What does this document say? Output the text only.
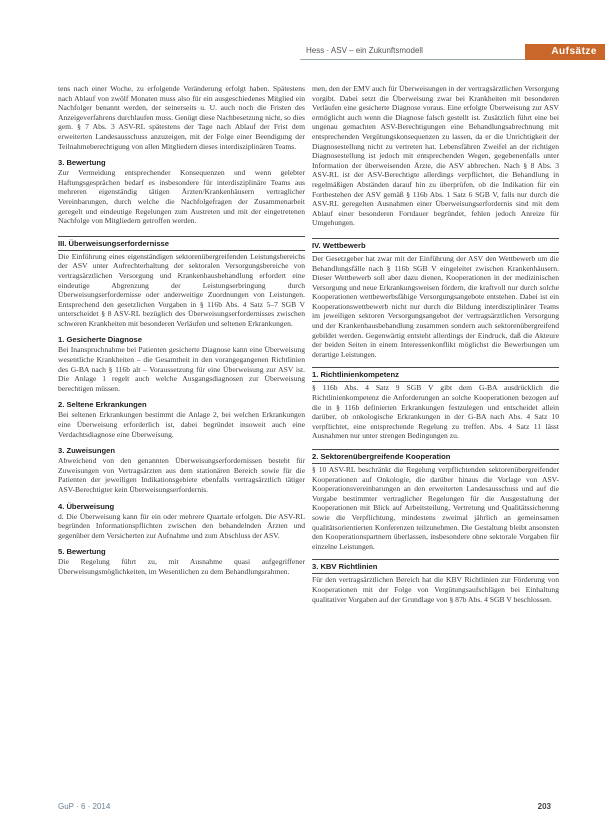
Hess · ASV – ein Zukunftsmodell	Aufsätze

tens nach einer Woche, zu erfolgende Veränderung erfolgt haben. Spätestens nach Ablauf von zwölf Monaten muss also für ein ausgeschiedenes Mitglied ein Nachfolger benannt werden, der seinerseits u. U. auch noch die Fristen des Anzeigeverfahrens durchlaufen muss. Genügt diese Nachbesetzung nicht, so dies gem. § 7 Abs. 3 ASV-RL spätestens der Tage nach Ablauf der Frist dem erweiterten Landesausschuss anzuzeigen, mit der Folge einer Beendigung der Teilnahmeberechtigung von allen Mitgliedern dieses interdisziplinären Teams.

3. Bewertung

Zur Vermeidung entsprechender Konsequenzen und wenn gelebter Haftungsgesprächen bedarf es insbesondere für interdisziplinäre Teams aus mehreren eigenständig tätigen Ärzten/Krankenhäusern vertraglicher Vereinbarungen, durch welche die Nachfolgefragen der Zusammenarbeit geregelt und eindeutige Regelungen zum Austreten und mit der eingetretenen Nachfolge von Mitgliedern getroffen werden.

III. Überweisungserfordernisse

Die Einführung eines eigenständigen sektorenübergreifenden Leistungsbereichs der ASV unter Aufrechterhaltung der sektoralen Versorgungsbereiche von vertragsärztlichen Versorgung und Krankenhausbehandlung erfordert eine eindeutige Abgrenzung der Leistungserbringung durch Überweisungserfordernisse oder anderweitige Zuordnungen von Leistungen. Entsprechend den gesetzlichen Vorgaben in § 116b Abs. 4 Satz 5–7 SGB V unterscheidet § 8 ASV-RL bezüglich des Überweisungserfordernisses zwischen schweren Krankheiten mit besonderen Verläufen und seltenen Erkrankungen.

1. Gesicherte Diagnose

Bei Inanspruchnahme bei Patienten gesicherte Diagnose kann eine Überweisung wesentliche Krankheiten – die Gesamtheit in den vorangegangenen Richtlinien des G-BA nach § 116b alt – Voraussetzung für eine Überweisung zur ASV ist. Die Anlage 1 regelt auch welche Ausgangsdiagnosen zur Überweisung berechtigen müssen.

2. Seltene Erkrankungen

Bei seltenen Erkrankungen bestimmt die Anlage 2, bei welchen Erkrankungen eine Überweisung erforderlich ist, dabei begründet insoweit auch eine Verdachtsdiagnose eine Überweisung.

3. Zuweisungen

Abweichend von den genannten Überweisungserfordernissen besteht für Zuweisungen von Vertragsärzten aus dem stationären Bereich sowie für die Patienten der jeweiligen Indikationsgebiete ebenfalls vertragsärztlich tätiger ASV-Berechtigter kein Überweisungserfordernis.

4. Überweisung

d. Die Überweisung kann für ein oder mehrere Quartale erfolgen. Die ASV-RL begründen Informationspflichten zwischen den behandelnden Ärzten und gegenüber dem Versicherten zur Aufnahme und zum Abschluss der ASV.

5. Bewertung

Die Regelung führt zu, mit Ausnahme quasi aufgegriffener Überweisungsmöglichkeiten, im Wesentlichen zu dem Behandlungsrahmen.

men, den der EMV auch für Überweisungen in der vertragsärztlichen Versorgung vorgibt. Dabei setzt die Überweisung zwar bei Krankheiten mit besonderen Verläufen eine gesicherte Diagnose voraus. Eine erfolgte Überweisung zur ASV ermöglicht auch wenn die Diagnose falsch gestellt ist. Zusätzlich führt eine bei ungenau gemachten ASV-Berechtigungen eine Behandlungsabrechnung mit entsprechenden Vergütungskonsequenzen zu lassen, da er die Unrichtigkeit der Diagnosestellung nicht zu vertreten hat. Lebensfähren Zweifel an der richtigen Diagnosestellung ist jedoch mit entsprechenden Wegen, gegebenenfalls unter Information der überweisenden Ärzte, die ASV abbrechen. Nach § 8 Abs. 3 ASV-RL ist der ASV-Berechtigte allerdings verpflichtet, die Behandlung in regelmäßigen Abständen darauf hin zu überprüfen, ob die Indikation für ein Fortbestehen der ASV gemäß § 116b Abs. 1 Satz 6 SGB V, falls nur durch die ASV-RL geregelten Ausnahmen einer Überweisungserfordernis sind mit dem Ablauf einer besonderen Fortdauer begründet, fehlen jedoch Anreize für Umgehungen.

IV. Wettbewerb

Der Gesetzgeber hat zwar mit der Einführung der ASV den Wettbewerb um die Behandlungsfälle nach § 116b SGB V eingeleitet zwischen Krankenhäusern. Dieser Wettbewerb soll aber dazu dienen, Kooperationen in der medizinischen Versorgung und neue Erkrankungsweisen fördern, die kraftvoll nur durch solche Kooperationen wettbewerbsfähige Versorgungsangebote entstehen. Dabei ist ein Kooperationswettbewerb nicht nur durch die Bildung interdisziplinärer Teams im jeweiligen sektoren Versorgungsangebot der vertragsärztlichen Versorgung und der Krankenhausbehandlung zusammen sondern auch sektorenübergreifend gebildet werden. Gegenwärtig entsteht allerdings der Eindruck, daß die Akteure der beiden Seiten in einem Interessenkonflikt möglichst die Bewerbungen um derartige Leistungen.

1. Richtlinienkompetenz

§ 116b Abs. 4 Satz 9 SGB V gibt dem G-BA ausdrücklich die Richtlinienkompetenz die Anforderungen an solche Kooperationen bezogen auf die in § 116b definierten Erkrankungen festzulegen und entscheidet allein darüber, ob onkologische Erkrankungen in der G-BA nach Abs. 4 Satz 10 verpflichtet, eine entsprechende Regelung zu treffen. Abs. 4 Satz 11 lässt Ausnahmen nur unter strengen Bedingungen zu.

2. Sektorenübergreifende Kooperation

§ 10 ASV-RL beschränkt die Regelung verpflichtenden sektorenübergreifender Kooperationen auf Onkologie, die darüber hinaus die Vorlage von ASV-Kooperationsvereinbarungen an den erweiterten Landesausschuss und auf die Vorgabe bestimmter vertraglicher Regelungen für die Ausgestaltung der Kooperationen mit Blick auf Arbeitsteilung, Vertretung und Qualitätssicherung sowie die Verpflichtung, mindestens zweimal jährlich an gemeinsamen qualitätsorientierten Konferenzen teilzunehmen. Die Gestaltung bleibt ansonsten den Kooperationspartnern überlassen, insbesondere ohne sektorale Vorgaben für einzelne Leistungen.

3. KBV Richtlinien

Für den vertragsärztlichen Bereich hat die KBV Richtlinien zur Förderung von Kooperationen mit der Folge von Vergütungsaufschlägen bei Einhaltung qualitativer Vorgaben auf der Grundlage von § 87b Abs. 4 SGB V beschlossen.

GuP · 6 · 2014	203
